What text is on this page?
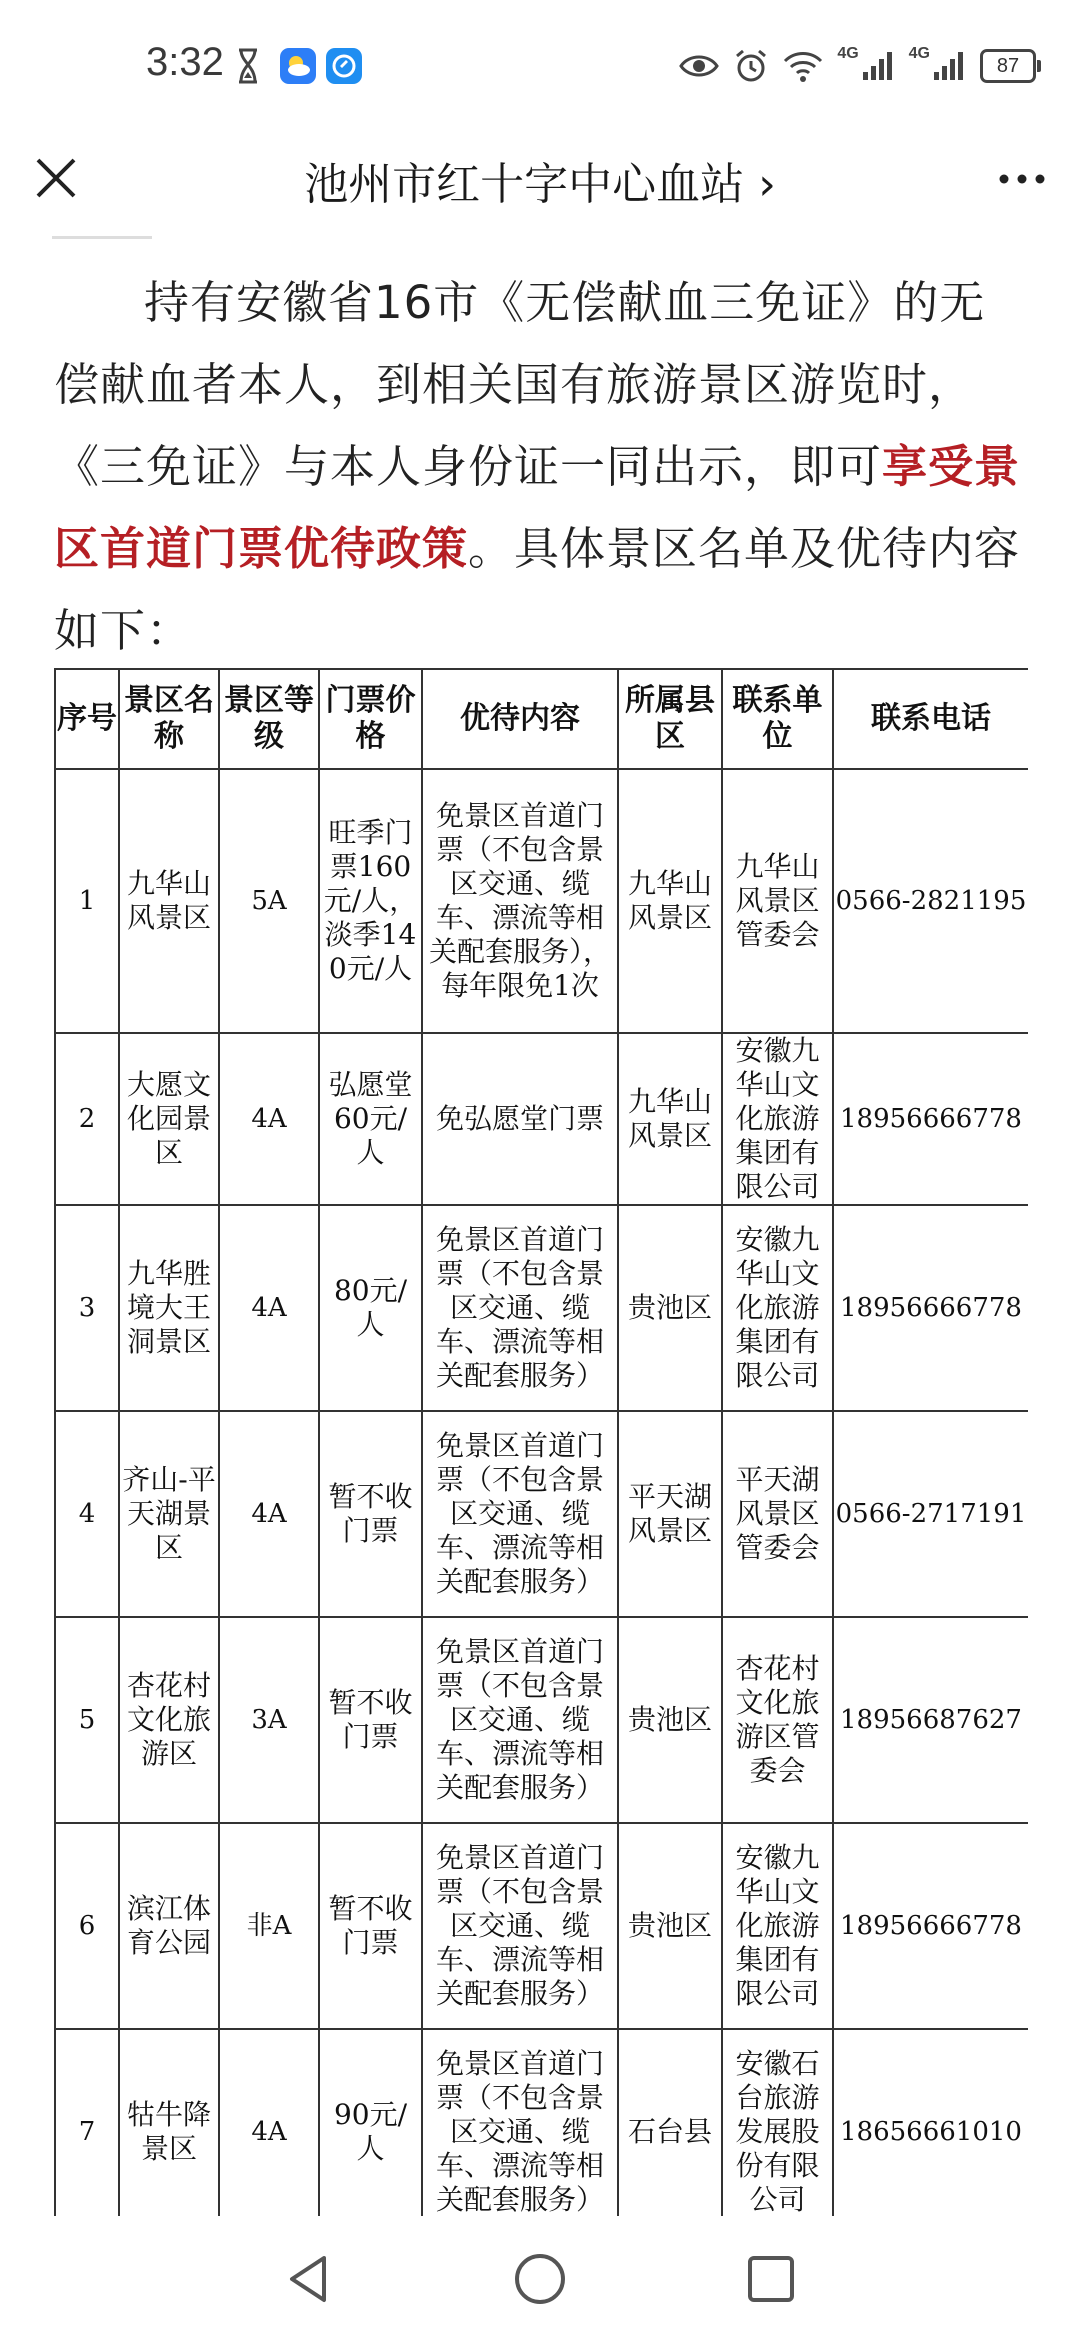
3:32	4G	4G
87
池州市红十字中心血站 ›
持有安徽省16市《无偿献血三免证》的无偿献血者本人，到相关国有旅游景区游览时，《三免证》与本人身份证一同出示，即可享受景区首道门票优待政策。具体景区名单及优待内容如下：
序号	景区名称	景区等级	门票价格	优待内容	所属县区	联系单位	联系电话
1	九华山风景区	5A	旺季门票160元/人，淡季140元/人	免景区首道门票（不包含景区交通、缆车、漂流等相关配套服务），每年限免1次	九华山风景区	九华山风景区管委会	0566-2821195
2	大愿文化园景区	4A	弘愿堂 60元/人	免弘愿堂门票	九华山风景区	安徽九华山文化旅游集团有限公司	18956666778
3	九华胜境大王洞景区	4A	80元/人	免景区首道门票（不包含景区交通、缆车、漂流等相关配套服务）	贵池区	安徽九华山文化旅游集团有限公司	18956666778
4	齐山-平天湖景区	4A	暂不收门票	免景区首道门票（不包含景区交通、缆车、漂流等相关配套服务）	平天湖风景区	平天湖风景区管委会	0566-2717191
5	杏花村文化旅游区	3A	暂不收门票	免景区首道门票（不包含景区交通、缆车、漂流等相关配套服务）	贵池区	杏花村文化旅游区管委会	18956687627
6	滨江体育公园	非A	暂不收门票	免景区首道门票（不包含景区交通、缆车、漂流等相关配套服务）	贵池区	安徽九华山文化旅游集团有限公司	18956666778
7	牯牛降景区	4A	90元/人	免景区首道门票（不包含景区交通、缆车、漂流等相关配套服务）	石台县	安徽石台旅游发展股份有限公司	18656661010
